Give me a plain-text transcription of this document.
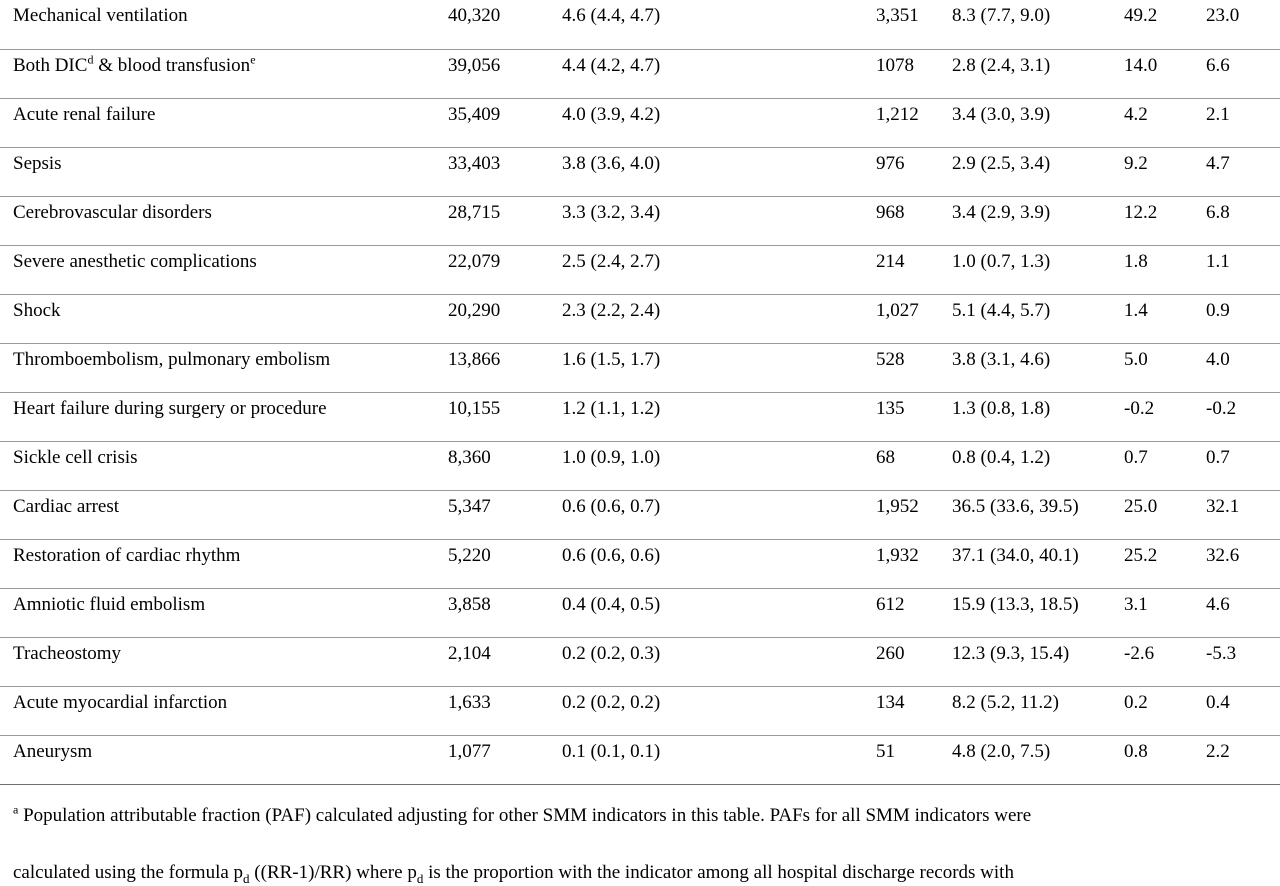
Mechanical ventilation	40,320	4.6 (4.4, 4.7)	3,351	8.3 (7.7, 9.0)	49.2	23.0
Both DIC$^d$ & blood transfusion$^e$	39,056	4.4 (4.2, 4.7)	1078	2.8 (2.4, 3.1)	14.0	6.6
Acute renal failure	35,409	4.0 (3.9, 4.2)	1,212	3.4 (3.0, 3.9)	4.2	2.1
Sepsis	33,403	3.8 (3.6, 4.0)	976	2.9 (2.5, 3.4)	9.2	4.7
Cerebrovascular disorders	28,715	3.3 (3.2, 3.4)	968	3.4 (2.9, 3.9)	12.2	6.8
Severe anesthetic complications	22,079	2.5 (2.4, 2.7)	214	1.0 (0.7, 1.3)	1.8	1.1
Shock	20,290	2.3 (2.2, 2.4)	1,027	5.1 (4.4, 5.7)	1.4	0.9
Thromboembolism, pulmonary embolism	13,866	1.6 (1.5, 1.7)	528	3.8 (3.1, 4.6)	5.0	4.0
Heart failure during surgery or procedure	10,155	1.2 (1.1, 1.2)	135	1.3 (0.8, 1.8)	-0.2	-0.2
Sickle cell crisis	8,360	1.0 (0.9, 1.0)	68	0.8 (0.4, 1.2)	0.7	0.7
Cardiac arrest	5,347	0.6 (0.6, 0.7)	1,952	36.5 (33.6, 39.5)	25.0	32.1
Restoration of cardiac rhythm	5,220	0.6 (0.6, 0.6)	1,932	37.1 (34.0, 40.1)	25.2	32.6
Amniotic fluid embolism	3,858	0.4 (0.4, 0.5)	612	15.9 (13.3, 18.5)	3.1	4.6
Tracheostomy	2,104	0.2 (0.2, 0.3)	260	12.3 (9.3, 15.4)	-2.6	-5.3
Acute myocardial infarction	1,633	0.2 (0.2, 0.2)	134	8.2 (5.2, 11.2)	0.2	0.4
Aneurysm	1,077	0.1 (0.1, 0.1)	51	4.8 (2.0, 7.5)	0.8	2.2
$^a$ Population attributable fraction (PAF) calculated adjusting for other SMM indicators in this table. PAFs for all SMM indicators were
calculated using the formula $p_d$ ((RR-1)/RR) where $p_d$ is the proportion with the indicator among all hospital discharge records with
